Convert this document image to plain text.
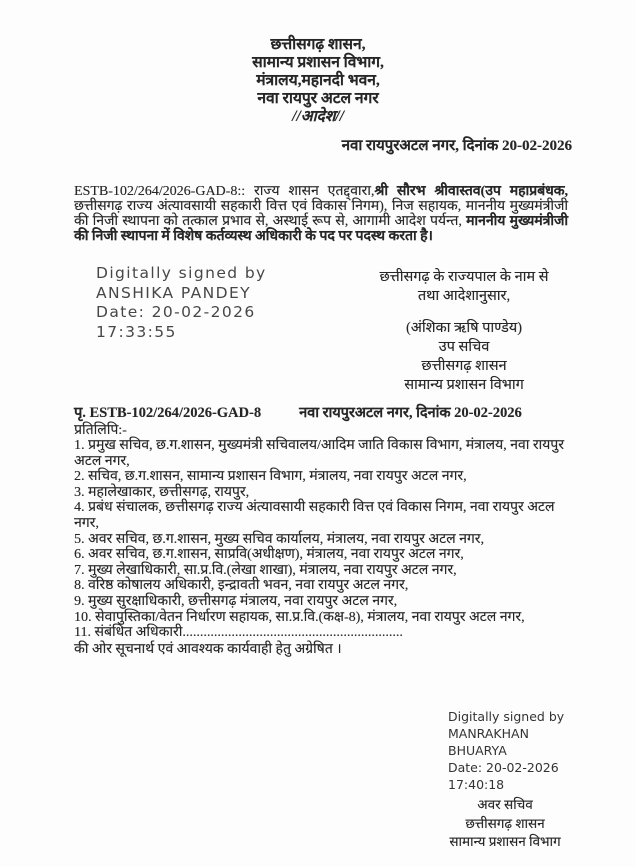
छत्तीसगढ़ शासन,
सामान्य प्रशासन विभाग,
मंत्रालय,महानदी भवन,
नवा रायपुर अटल नगर
//आदेश//
नवा रायपुरअटल नगर, दिनांक 20-02-2026

ESTB-102/264/2026-GAD-8:: राज्य शासन एतद्द्वारा,श्री सौरभ श्रीवास्तव(उप महाप्रबंधक, छत्तीसगढ़ राज्य अंत्यावसायी सहकारी वित्त एवं विकास निगम), निज सहायक, माननीय मुख्यमंत्रीजी की निजी स्थापना को तत्काल प्रभाव से, अस्थाई रूप से, आगामी आदेश पर्यन्त, माननीय मुख्यमंत्रीजी की निजी स्थापना में विशेष कर्तव्यस्थ अधिकारी के पद पर पदस्थ करता है।

Digitally signed by
ANSHIKA PANDEY
Date: 20-02-2026
17:33:55
छत्तीसगढ़ के राज्यपाल के नाम से
तथा आदेशानुसार,
(अंशिका ऋषि पाण्डेय)
उप सचिव
छत्तीसगढ़ शासन
सामान्य प्रशासन विभाग
पृ. ESTB-102/264/2026-GAD-8	नवा रायपुरअटल नगर, दिनांक 20-02-2026
प्रतिलिपि:-
1. प्रमुख सचिव, छ.ग.शासन, मुख्यमंत्री सचिवालय/आदिम जाति विकास विभाग, मंत्रालय, नवा रायपुर अटल नगर,
2. सचिव, छ.ग.शासन, सामान्य प्रशासन विभाग, मंत्रालय, नवा रायपुर अटल नगर,
3. महालेखाकार, छत्तीसगढ़, रायपुर,
4. प्रबंध संचालक, छत्तीसगढ़ राज्य अंत्यावसायी सहकारी वित्त एवं विकास निगम, नवा रायपुर अटल नगर,
5. अवर सचिव, छ.ग.शासन, मुख्य सचिव कार्यालय, मंत्रालय, नवा रायपुर अटल नगर,
6. अवर सचिव, छ.ग.शासन, साप्रवि(अधीक्षण), मंत्रालय, नवा रायपुर अटल नगर,
7. मुख्य लेखाधिकारी, सा.प्र.वि.(लेखा शाखा), मंत्रालय, नवा रायपुर अटल नगर,
8. वरिष्ठ कोषालय अधिकारी, इन्द्रावती भवन, नवा रायपुर अटल नगर,
9. मुख्य सुरक्षाधिकारी, छत्तीसगढ़ मंत्रालय, नवा रायपुर अटल नगर,
10. सेवापुस्तिका/वेतन निर्धारण सहायक, सा.प्र.वि.(कक्ष-8), मंत्रालय, नवा रायपुर अटल नगर,
11. संबंधित अधिकारी...............................................................
की ओर सूचनार्थ एवं आवश्यक कार्यवाही हेतु अग्रेषित ।
Digitally signed by
MANRAKHAN BHUARYA
Date: 20-02-2026
17:40:18
अवर सचिव
छत्तीसगढ़ शासन
सामान्य प्रशासन विभाग
